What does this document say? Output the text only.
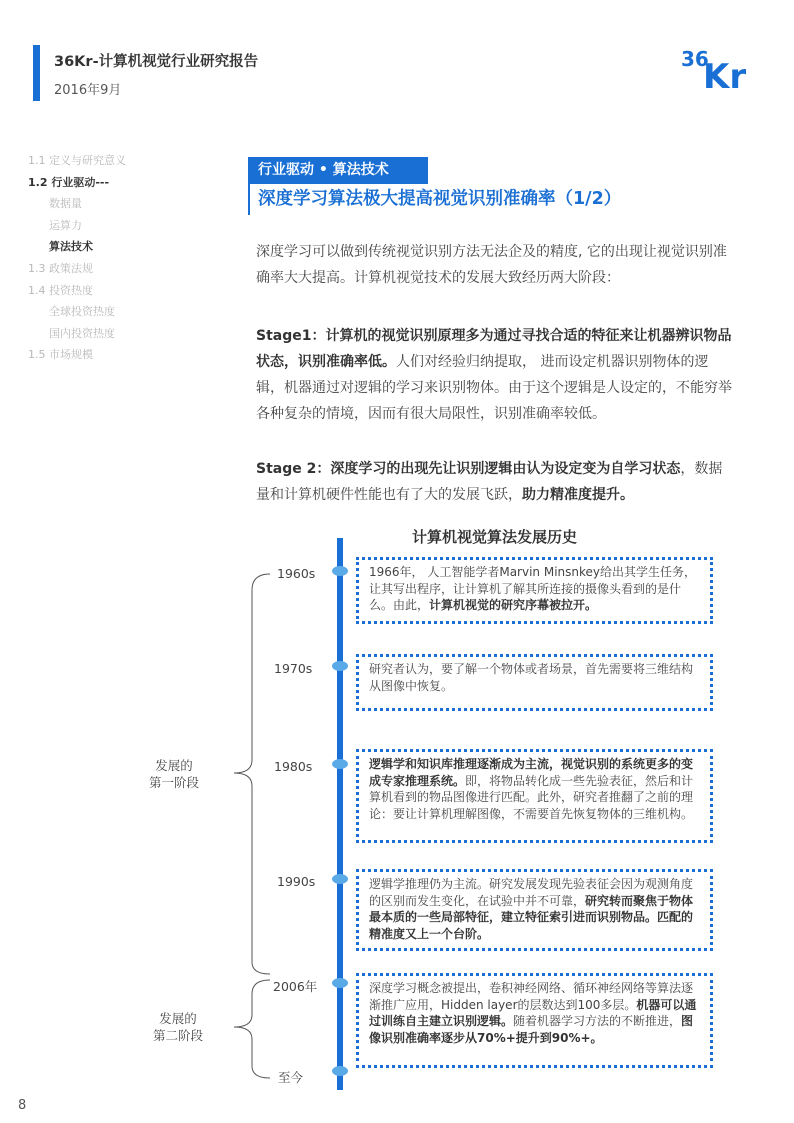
36Kr-计算机视觉行业研究报告
2016年9月
36
Kr
1.1 定义与研究意义
1.2 行业驱动---
数据量
运算力
算法技术
1.3 政策法规
1.4 投资热度
全球投资热度
国内投资热度
1.5 市场规模
行业驱动 • 算法技术
深度学习算法极大提高视觉识别准确率（1/2）
深度学习可以做到传统视觉识别方法无法企及的精度, 它的出现让视觉识别准确率大大提高。计算机视觉技术的发展大致经历两大阶段：
Stage1：计算机的视觉识别原理多为通过寻找合适的特征来让机器辨识物品状态，识别准确率低。人们对经验归纳提取， 进而设定机器识别物体的逻辑，机器通过对逻辑的学习来识别物体。由于这个逻辑是人设定的，不能穷举各种复杂的情境，因而有很大局限性，识别准确率较低。
Stage 2：深度学习的出现先让识别逻辑由认为设定变为自学习状态，数据量和计算机硬件性能也有了大的发展飞跃，助力精准度提升。
计算机视觉算法发展历史
1960s
1970s
1980s
1990s
2006年
至今
发展的
第一阶段
发展的
第二阶段
1966年， 人工智能学者Marvin Minsnkey给出其学生任务，让其写出程序，让计算机了解其所连接的摄像头看到的是什么。由此，计算机视觉的研究序幕被拉开。
研究者认为，要了解一个物体或者场景，首先需要将三维结构从图像中恢复。
逻辑学和知识库推理逐渐成为主流，视觉识别的系统更多的变成专家推理系统。即，将物品转化成一些先验表征，然后和计算机看到的物品图像进行匹配。此外，研究者推翻了之前的理论：要让计算机理解图像，不需要首先恢复物体的三维机构。
逻辑学推理仍为主流。研究发展发现先验表征会因为观测角度的区别而发生变化，在试验中并不可靠，研究转而聚焦于物体最本质的一些局部特征，建立特征索引进而识别物品。匹配的精准度又上一个台阶。
深度学习概念被提出，卷积神经网络、循环神经网络等算法逐渐推广应用，Hidden layer的层数达到100多层。机器可以通过训练自主建立识别逻辑。随着机器学习方法的不断推进，图像识别准确率逐步从70%+提升到90%+。
8
